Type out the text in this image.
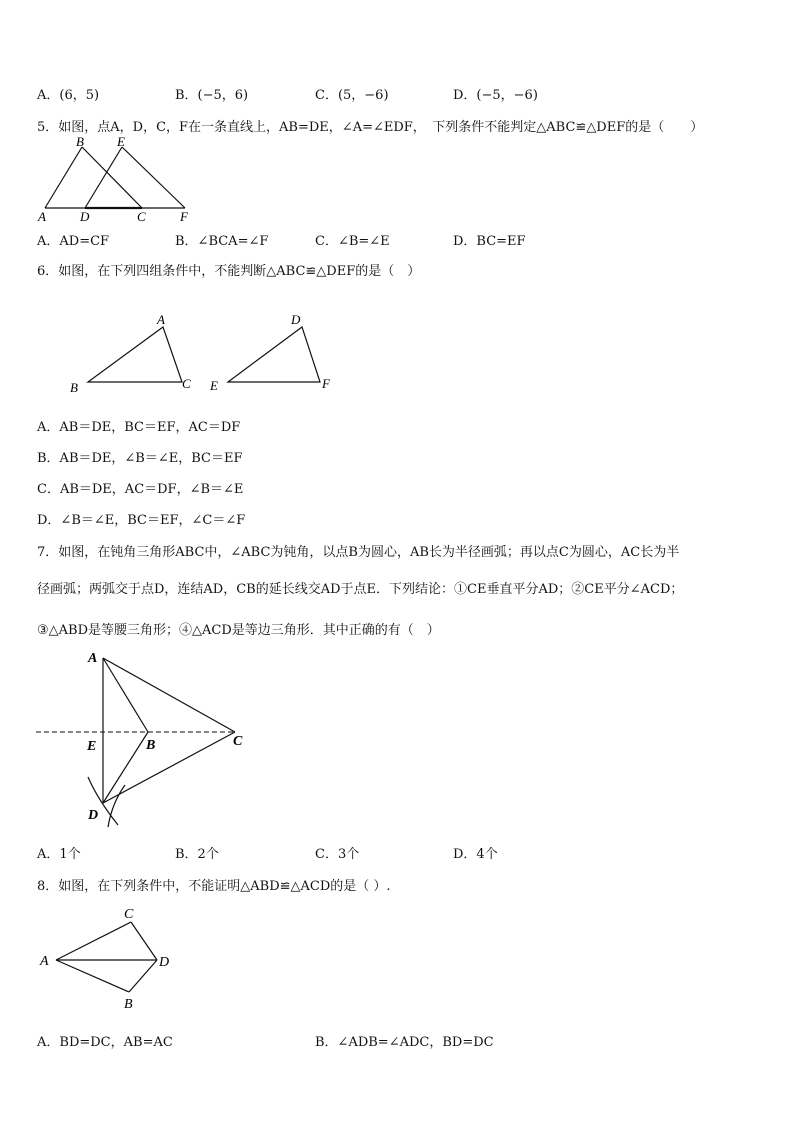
A．(6，5)	B．(−5，6)	C．(5，−6)	D．(−5，−6)
5．如图，点A，D，C，F在一条直线上，AB=DE，∠A=∠EDF，　下列条件不能判定△ABC≌△DEF的是（　　）
A
B
D
E
C	F
A．AD=CF	B．∠BCA=∠F	C．∠B=∠E	D．BC=EF
6．如图，在下列四组条件中，不能判断△ABC≌△DEF的是（　）
A
B	C
D
E	F
A．AB＝DE，BC＝EF，AC＝DF
B．AB＝DE，∠B＝∠E，BC＝EF
C．AB＝DE，AC＝DF，∠B＝∠E
D．∠B＝∠E，BC＝EF，∠C＝∠F
7．如图，在钝角三角形ABC中，∠ABC为钝角，以点B为圆心，AB长为半径画弧；再以点C为圆心，AC长为半
径画弧；两弧交于点D，连结AD，CB的延长线交AD于点E．下列结论：①CE垂直平分AD；②CE平分∠ACD；
③△ABD是等腰三角形；④△ACD是等边三角形．其中正确的有（　）
A
E	B	C
D
A．1个	B．2个	C．3个	D．4个
8．如图，在下列条件中，不能证明△ABD≌△ACD的是（ ）.
C
A	D
B
A．BD=DC，AB=AC	B．∠ADB=∠ADC，BD=DC
